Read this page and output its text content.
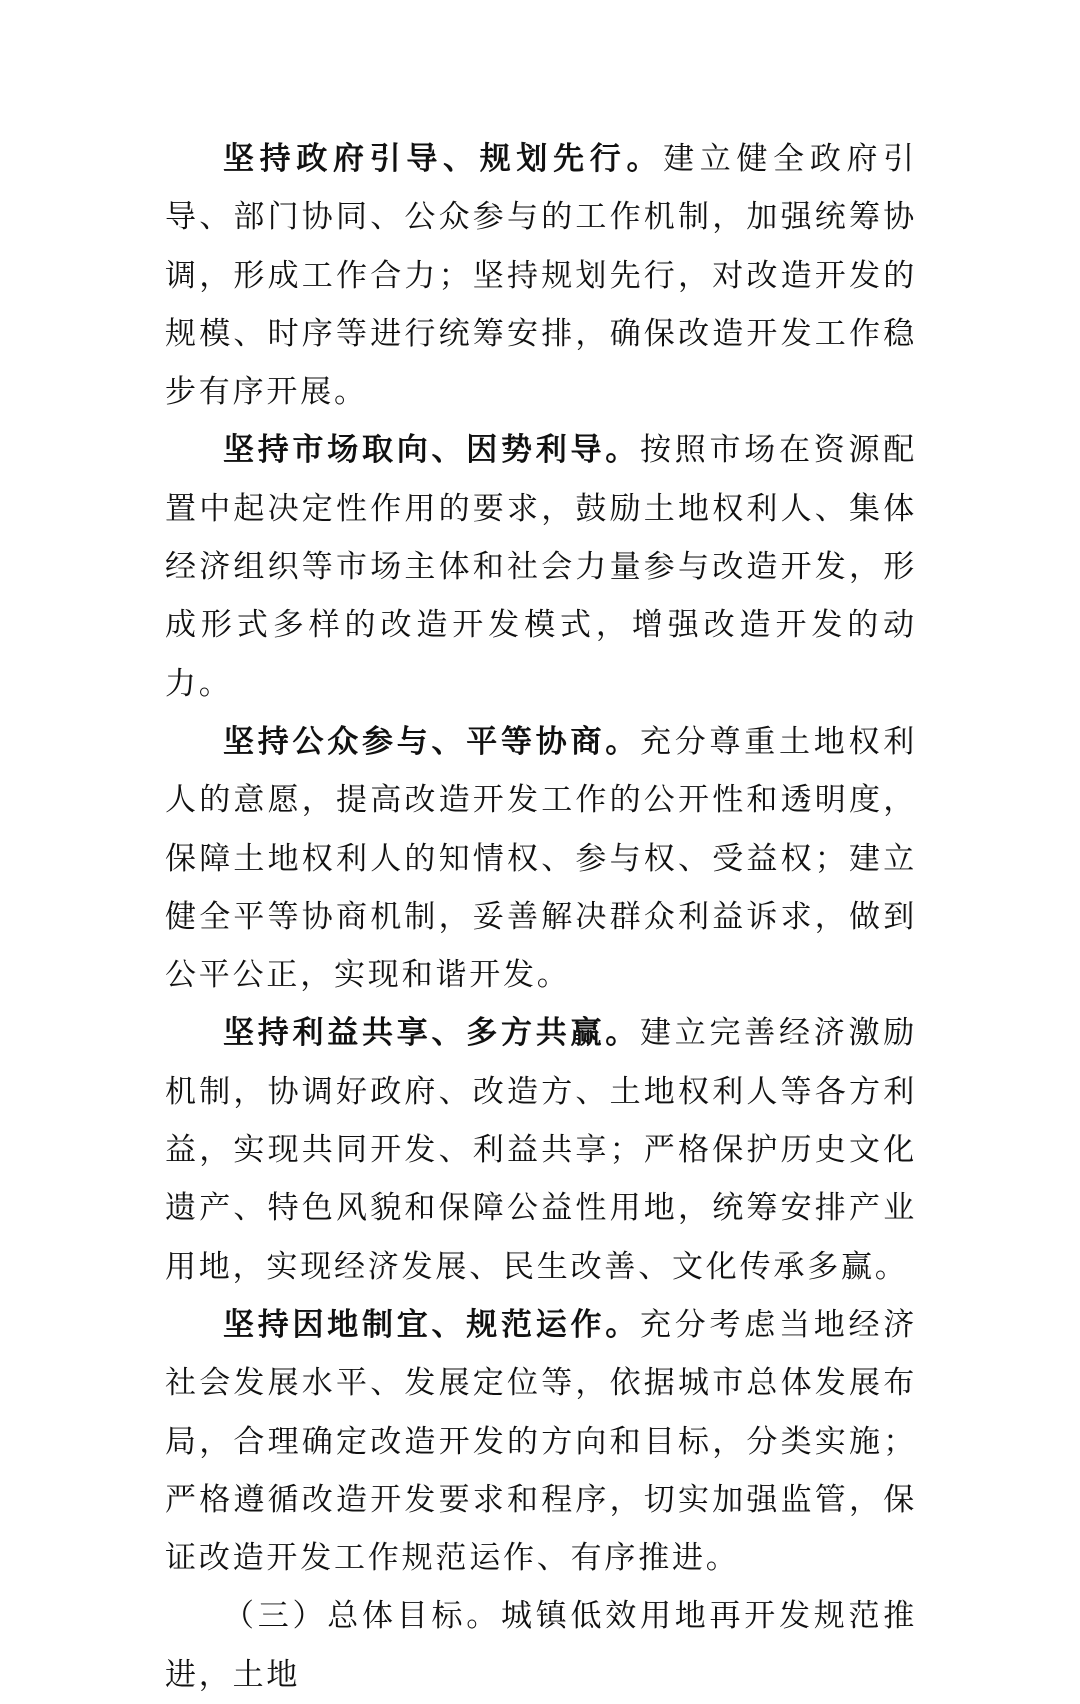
坚持政府引导、规划先行。建立健全政府引导、部门协同、公众参与的工作机制，加强统筹协调，形成工作合力；坚持规划先行，对改造开发的规模、时序等进行统筹安排，确保改造开发工作稳步有序开展。

坚持市场取向、因势利导。按照市场在资源配置中起决定性作用的要求，鼓励土地权利人、集体经济组织等市场主体和社会力量参与改造开发，形成形式多样的改造开发模式，增强改造开发的动力。

坚持公众参与、平等协商。充分尊重土地权利人的意愿，提高改造开发工作的公开性和透明度，保障土地权利人的知情权、参与权、受益权；建立健全平等协商机制，妥善解决群众利益诉求，做到公平公正，实现和谐开发。

坚持利益共享、多方共赢。建立完善经济激励机制，协调好政府、改造方、土地权利人等各方利益，实现共同开发、利益共享；严格保护历史文化遗产、特色风貌和保障公益性用地，统筹安排产业用地，实现经济发展、民生改善、文化传承多赢。

坚持因地制宜、规范运作。充分考虑当地经济社会发展水平、发展定位等，依据城市总体发展布局，合理确定改造开发的方向和目标，分类实施；严格遵循改造开发要求和程序，切实加强监管，保证改造开发工作规范运作、有序推进。

（三）总体目标。城镇低效用地再开发规范推进，土地
